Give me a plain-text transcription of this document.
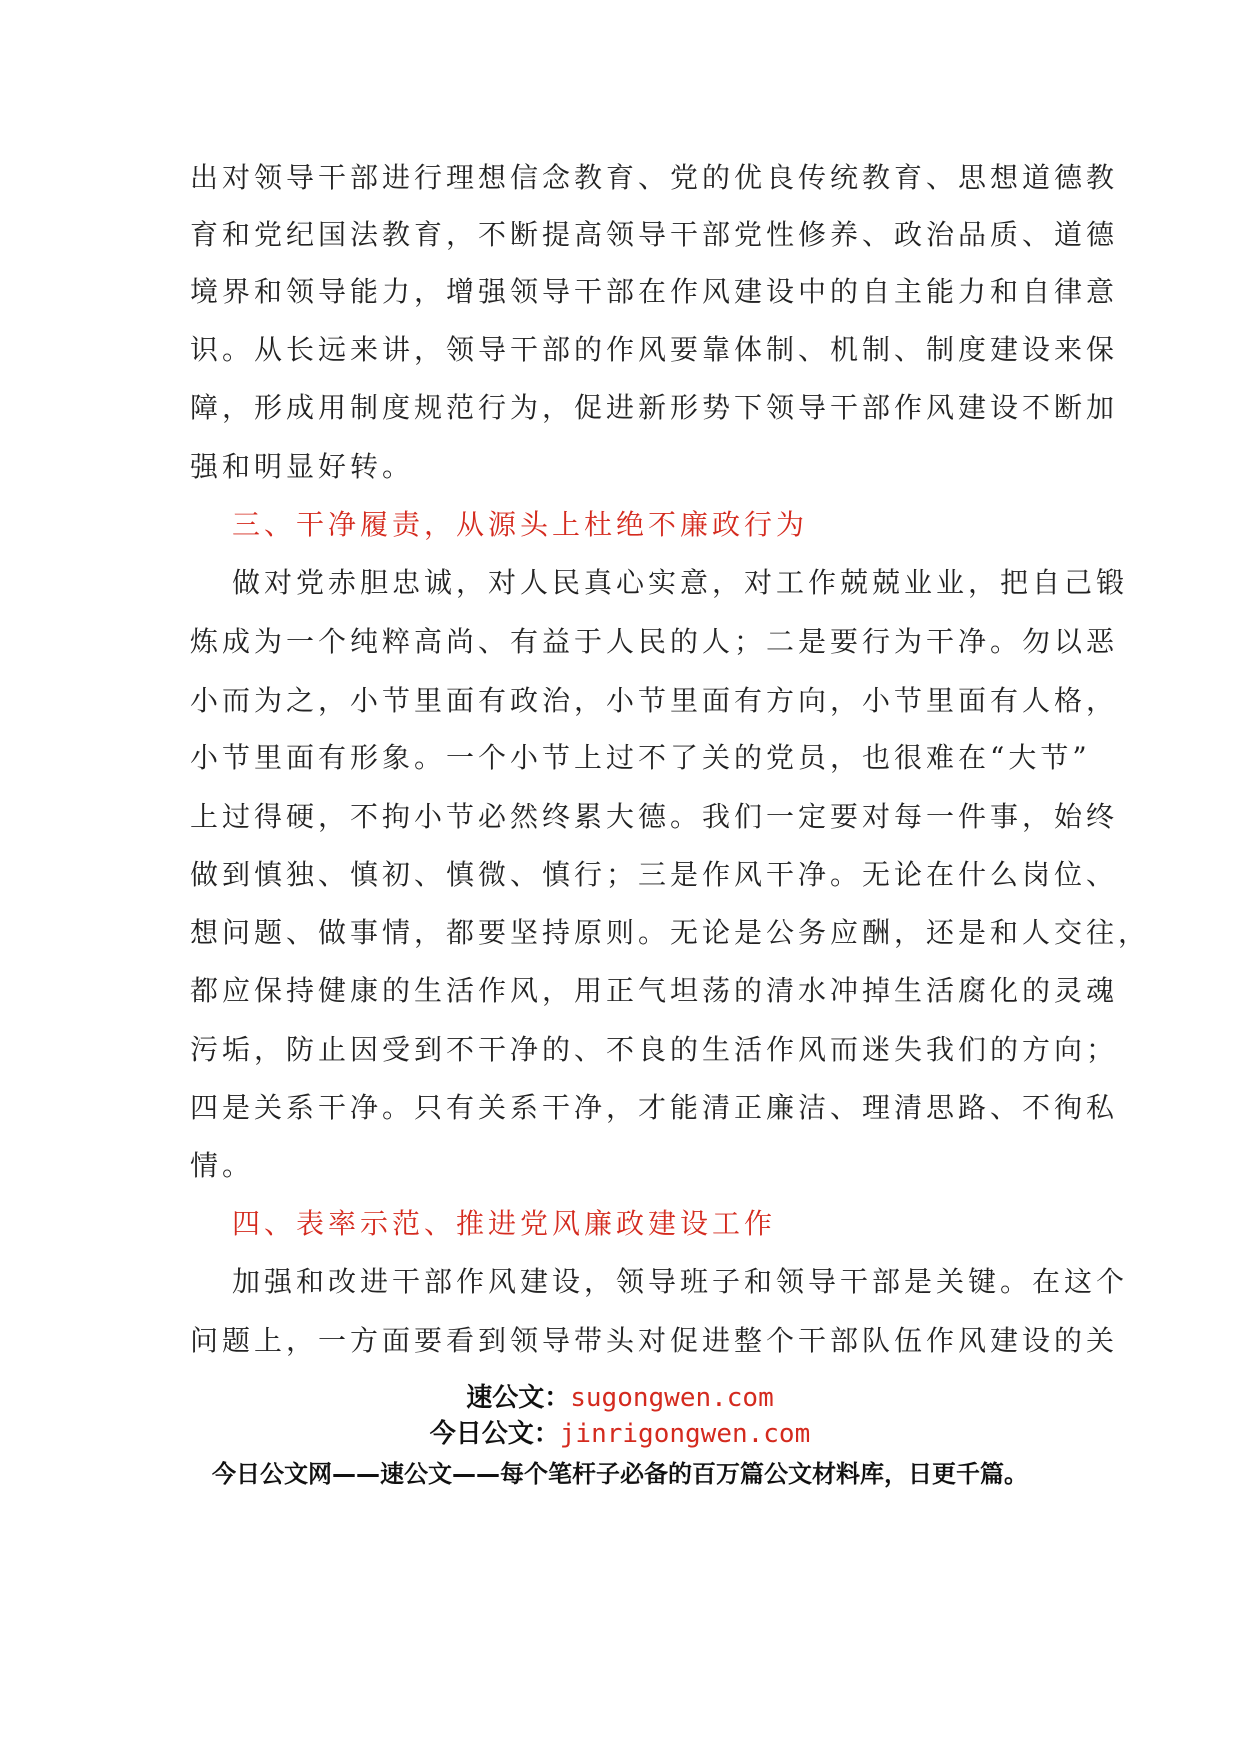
出对领导干部进行理想信念教育、党的优良传统教育、思想道德教
育和党纪国法教育，不断提高领导干部党性修养、政治品质、道德
境界和领导能力，增强领导干部在作风建设中的自主能力和自律意
识。从长远来讲，领导干部的作风要靠体制、机制、制度建设来保
障，形成用制度规范行为，促进新形势下领导干部作风建设不断加
强和明显好转。
三、干净履责，从源头上杜绝不廉政行为
做对党赤胆忠诚，对人民真心实意，对工作兢兢业业，把自己锻
炼成为一个纯粹高尚、有益于人民的人；二是要行为干净。勿以恶
小而为之，小节里面有政治，小节里面有方向，小节里面有人格，
小节里面有形象。一个小节上过不了关的党员，也很难在“大节”
上过得硬，不拘小节必然终累大德。我们一定要对每一件事，始终
做到慎独、慎初、慎微、慎行；三是作风干净。无论在什么岗位、
想问题、做事情，都要坚持原则。无论是公务应酬，还是和人交往，
都应保持健康的生活作风，用正气坦荡的清水冲掉生活腐化的灵魂
污垢，防止因受到不干净的、不良的生活作风而迷失我们的方向；
四是关系干净。只有关系干净，才能清正廉洁、理清思路、不徇私
情。
四、表率示范、推进党风廉政建设工作
加强和改进干部作风建设，领导班子和领导干部是关键。在这个
问题上，一方面要看到领导带头对促进整个干部队伍作风建设的关
速公文：sugongwen.com
今日公文：jinrigongwen.com
今日公文网——速公文——每个笔杆子必备的百万篇公文材料库，日更千篇。
